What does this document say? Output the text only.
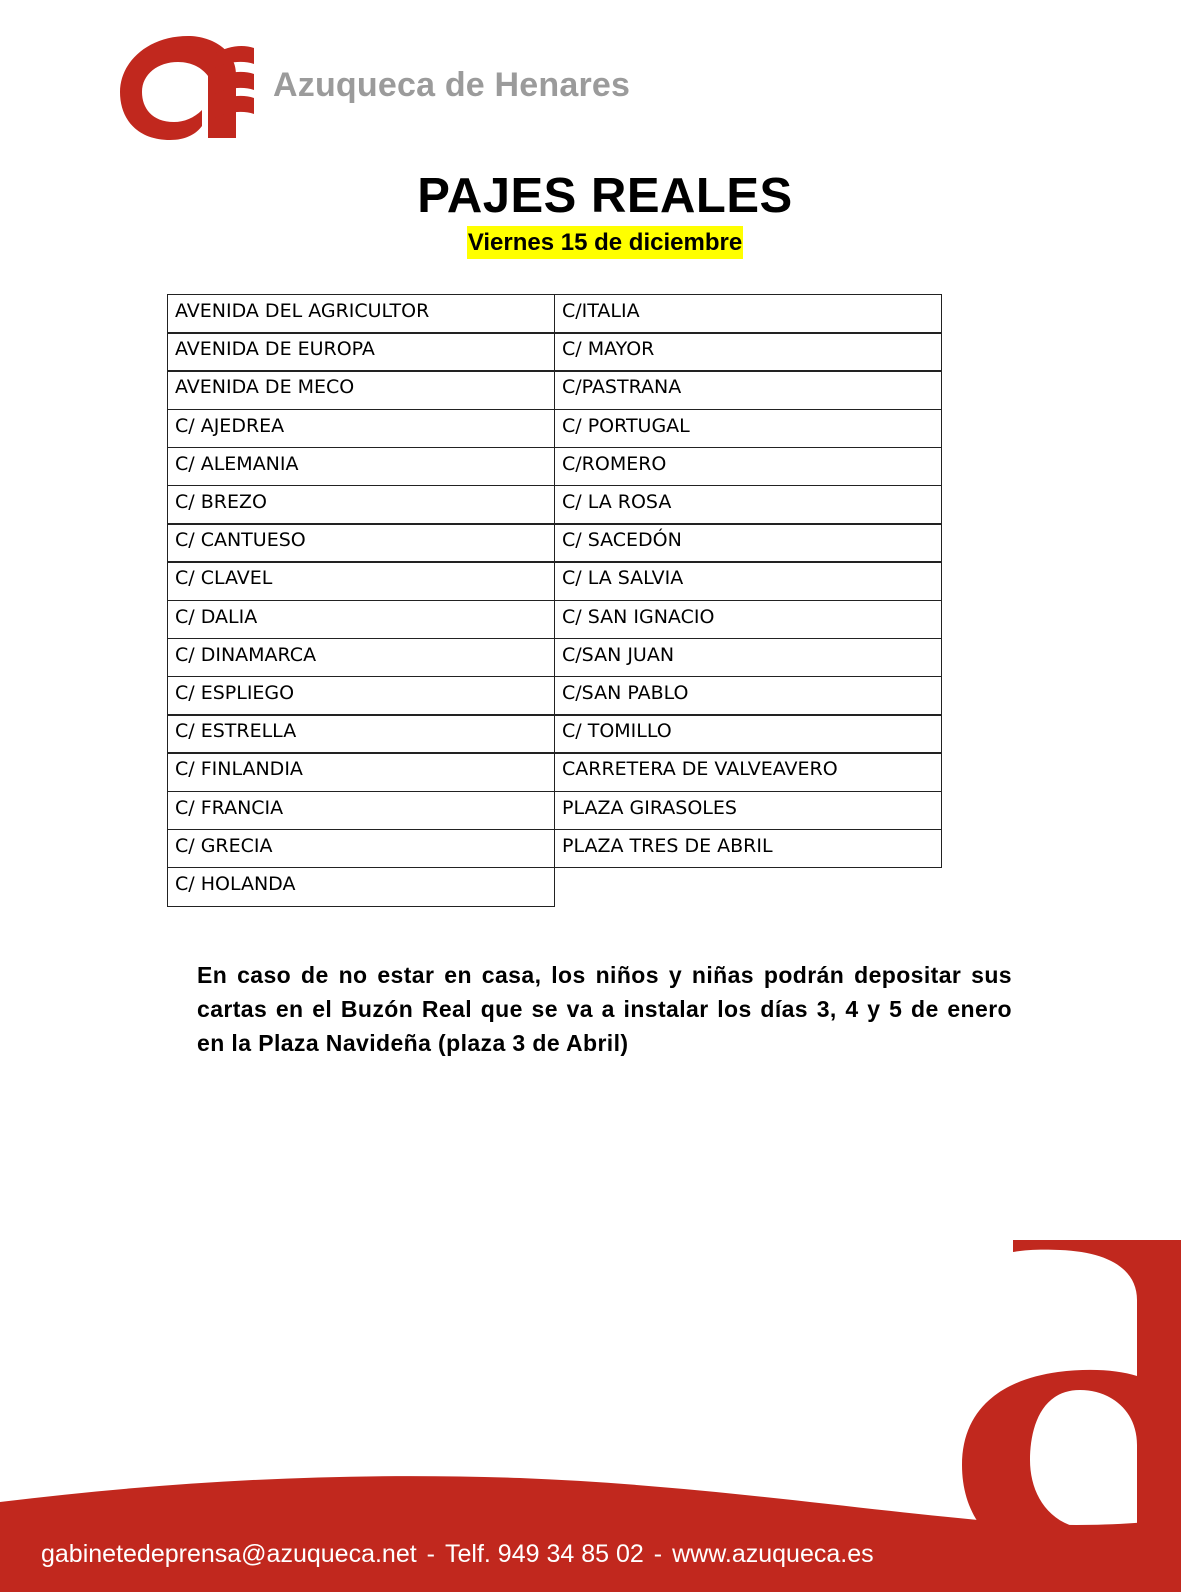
Azuqueca de Henares
PAJES REALES
Viernes 15 de diciembre
AVENIDA DEL AGRICULTOR
AVENIDA DE EUROPA
AVENIDA DE MECO
C/ AJEDREA
C/ ALEMANIA
C/ BREZO
C/ CANTUESO
C/ CLAVEL
C/ DALIA
C/ DINAMARCA
C/ ESPLIEGO
C/ ESTRELLA
C/ FINLANDIA
C/ FRANCIA
C/ GRECIA
C/ HOLANDA
C/ITALIA
C/ MAYOR
C/PASTRANA
C/ PORTUGAL
C/ROMERO
C/ LA ROSA
C/ SACEDÓN
C/ LA SALVIA
C/ SAN IGNACIO
C/SAN JUAN
C/SAN PABLO
C/ TOMILLO
CARRETERA DE VALVEAVERO
PLAZA GIRASOLES
PLAZA TRES DE ABRIL
En caso de no estar en casa, los niños y niñas podrán depositar sus cartas en el Buzón Real que se va a instalar los días 3, 4 y 5 de enero en la Plaza Navideña (plaza 3 de Abril)
gabinetedeprensa@azuqueca.net - Telf. 949 34 85 02 - www.azuqueca.es
